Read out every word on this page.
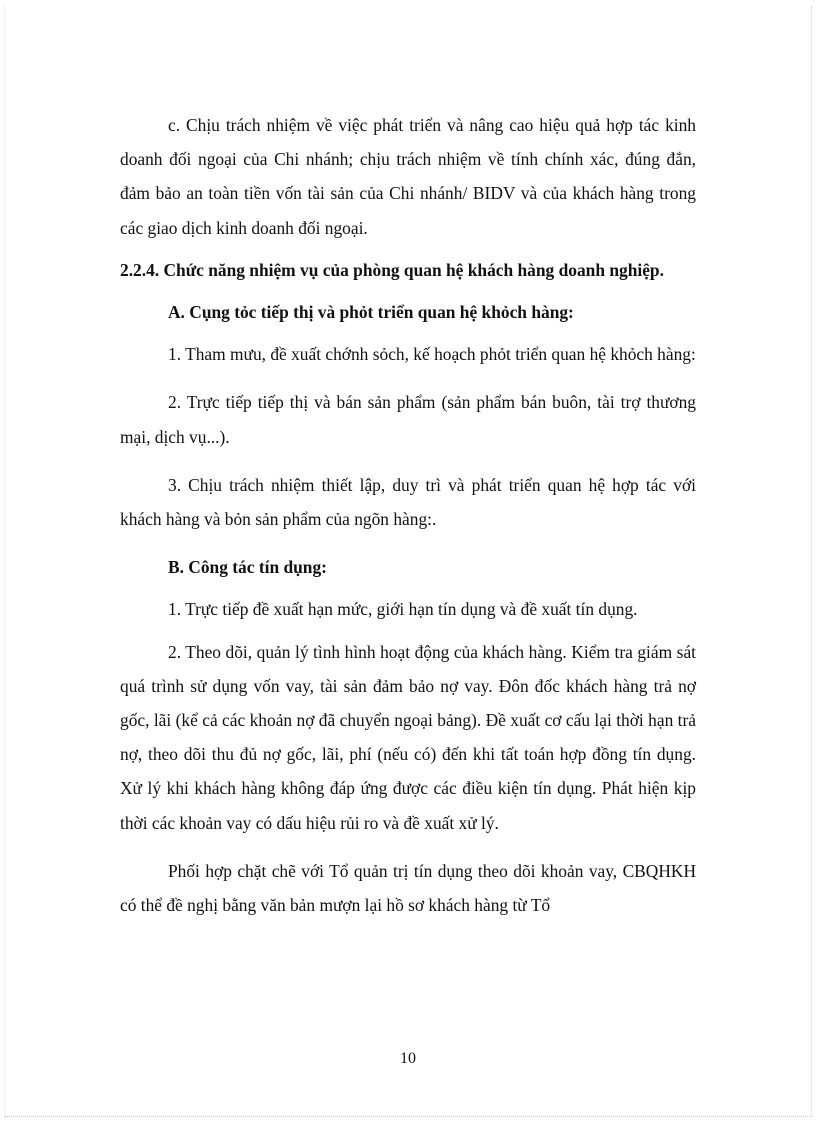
c. Chịu trách nhiệm về việc phát triển và nâng cao hiệu quả hợp tác kinh doanh đối ngoại của Chi nhánh; chịu trách nhiệm về tính chính xác, đúng đắn, đảm bảo an toàn tiền vốn tài sản của Chi nhánh/ BIDV và của khách hàng trong các giao dịch kinh doanh đối ngoại.

2.2.4. Chức năng nhiệm vụ của phòng quan hệ khách hàng doanh nghiệp.

A. Cụng tỏc tiếp thị và phỏt triển quan hệ khỏch hàng:

1. Tham mưu, đề xuất chớnh sỏch, kế hoạch phỏt triển quan hệ khỏch hàng:

2. Trực tiếp tiếp thị và bán sản phẩm (sản phẩm bán buôn, tài trợ thương mại, dịch vụ...).

3. Chịu trách nhiệm thiết lập, duy trì và phát triển quan hệ hợp tác với khách hàng và bỏn sản phẩm của ngõn hàng:.

B. Công tác tín dụng:

1. Trực tiếp đề xuất hạn mức, giới hạn tín dụng và đề xuất tín dụng.

2. Theo dõi, quản lý tình hình hoạt động của khách hàng. Kiểm tra giám sát quá trình sử dụng vốn vay, tài sản đảm bảo nợ vay. Đôn đốc khách hàng trả nợ gốc, lãi (kể cả các khoản nợ đã chuyển ngoại bảng). Đề xuất cơ cấu lại thời hạn trả nợ, theo dõi thu đủ nợ gốc, lãi, phí (nếu có) đến khi tất toán hợp đồng tín dụng. Xử lý khi khách hàng không đáp ứng được các điều kiện tín dụng. Phát hiện kịp thời các khoản vay có dấu hiệu rủi ro và đề xuất xử lý.

Phối hợp chặt chẽ với Tổ quản trị tín dụng theo dõi khoản vay, CBQHKH có thể đề nghị bằng văn bản mượn lại hồ sơ khách hàng từ Tổ

10
